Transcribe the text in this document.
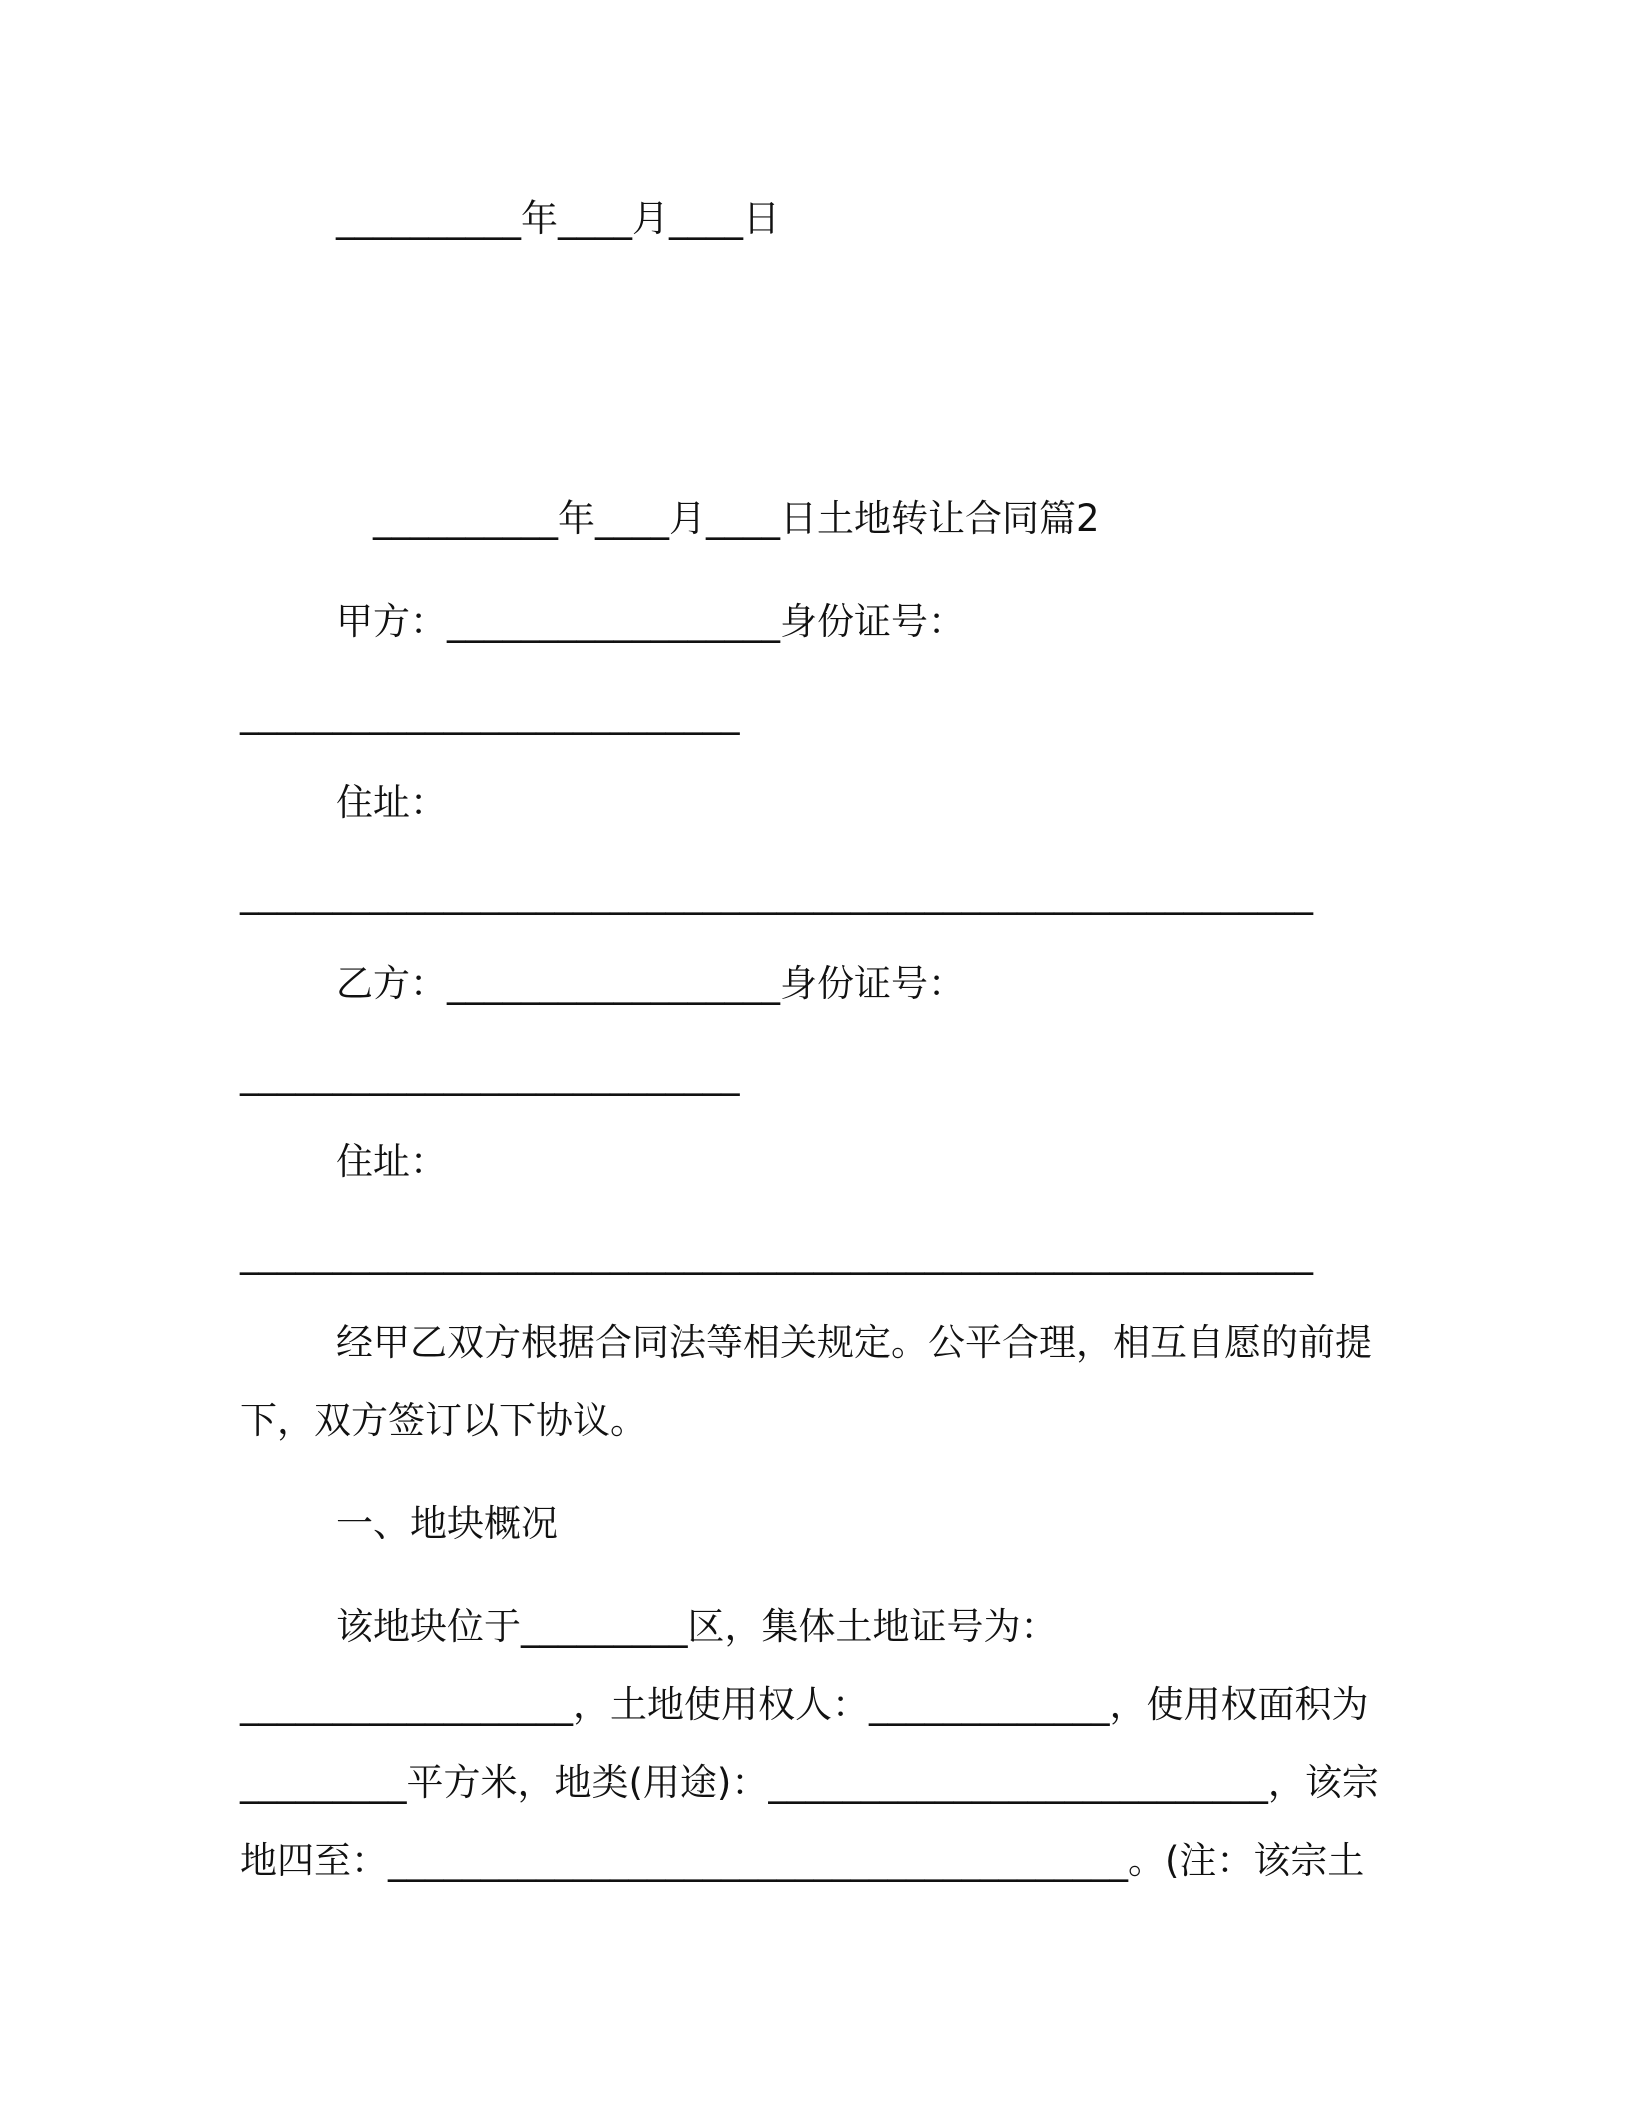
__________年____月____日
__________年____月____日土地转让合同篇2
甲方：__________________身份证号：
___________________________
住址：
__________________________________________________________
乙方：__________________身份证号：
___________________________
住址：
__________________________________________________________
经甲乙双方根据合同法等相关规定。公平合理，相互自愿的前提
下，双方签订以下协议。
一、地块概况
该地块位于_________区，集体土地证号为：
__________________，土地使用权人：_____________，使用权面积为
_________平方米，地类(用途)：___________________________，该宗
地四至：________________________________________。(注：该宗土
